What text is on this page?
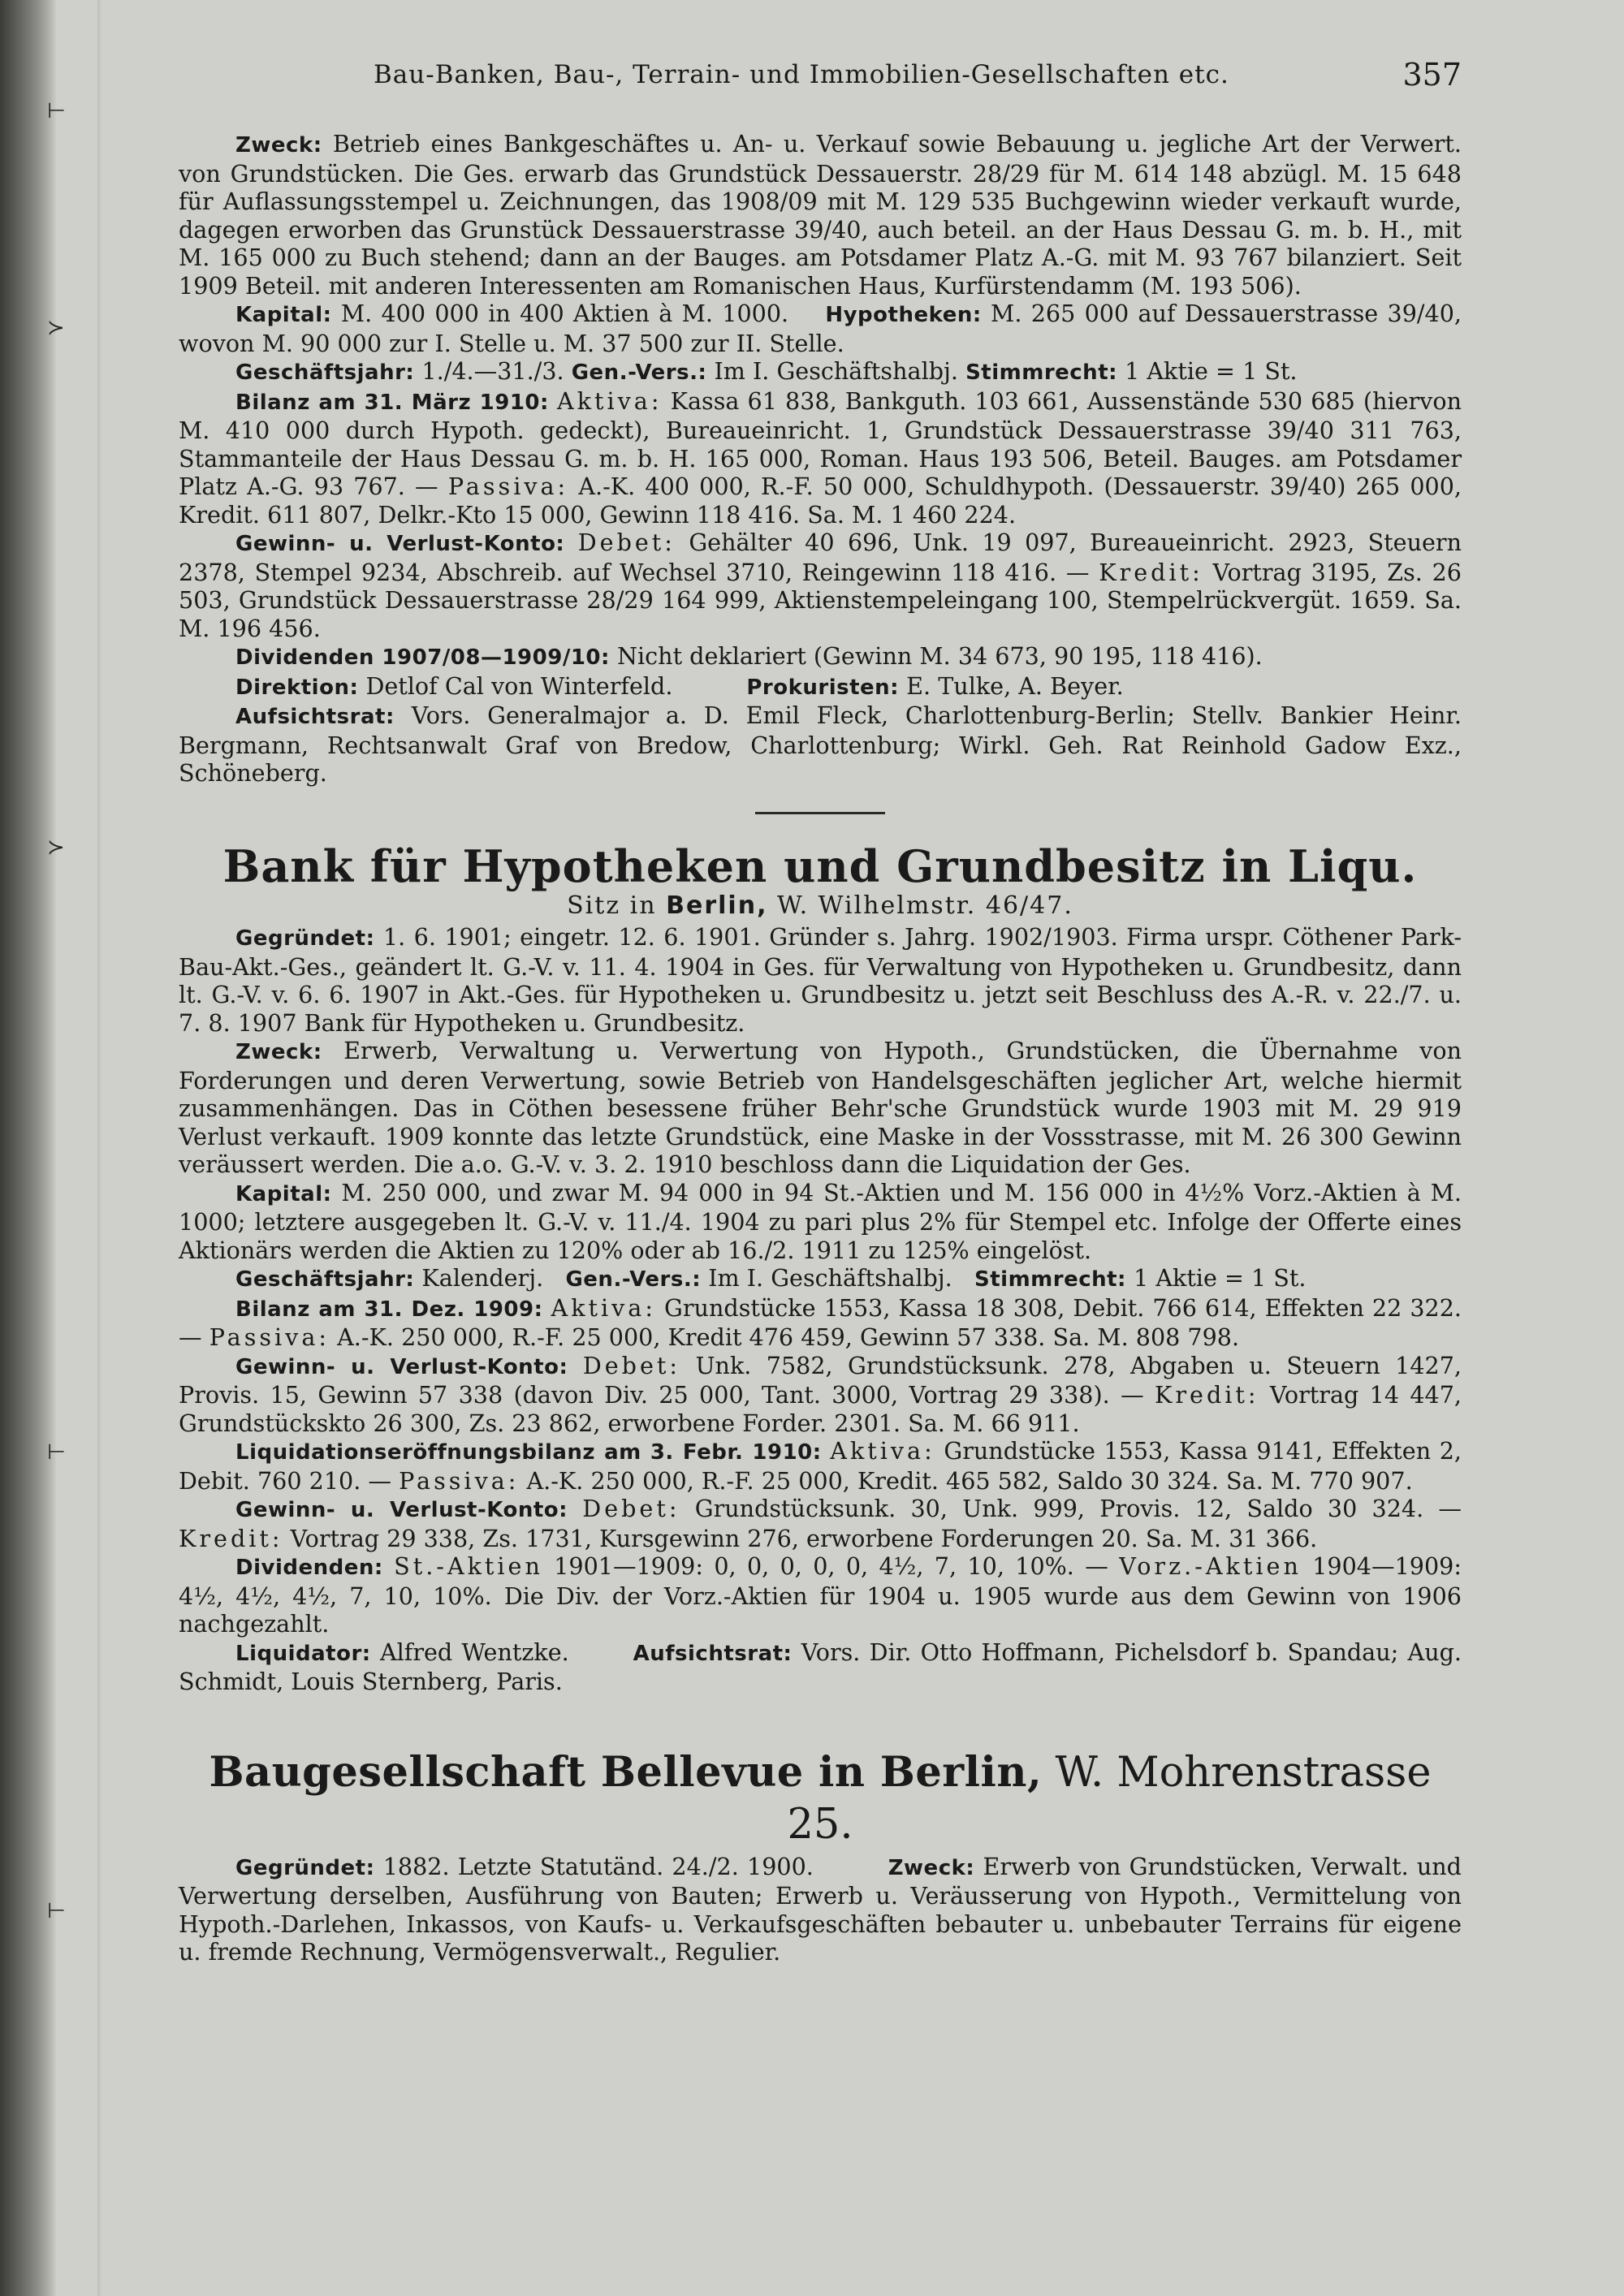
⊢
≻
≻
⊢
⊢
Bau-Banken, Bau-, Terrain- und Immobilien-Gesellschaften etc.	357

Zweck: Betrieb eines Bankgeschäftes u. An- u. Verkauf sowie Bebauung u. jegliche Art der Verwert. von Grundstücken. Die Ges. erwarb das Grundstück Dessauerstr. 28/29 für M. 614 148 abzügl. M. 15 648 für Auflassungsstempel u. Zeichnungen, das 1908/09 mit M. 129 535 Buchgewinn wieder verkauft wurde, dagegen erworben das Grunstück Dessauerstrasse 39/40, auch beteil. an der Haus Dessau G. m. b. H., mit M. 165 000 zu Buch stehend; dann an der Bauges. am Potsdamer Platz A.-G. mit M. 93 767 bilanziert. Seit 1909 Beteil. mit anderen Interessenten am Romanischen Haus, Kurfürstendamm (M. 193 506).

Kapital: M. 400 000 in 400 Aktien à M. 1000. Hypotheken: M. 265 000 auf Dessauerstrasse 39/40, wovon M. 90 000 zur I. Stelle u. M. 37 500 zur II. Stelle.

Geschäftsjahr: 1./4.—31./3. Gen.-Vers.: Im I. Geschäftshalbj. Stimmrecht: 1 Aktie = 1 St.

Bilanz am 31. März 1910: Aktiva: Kassa 61 838, Bankguth. 103 661, Aussenstände 530 685 (hiervon M. 410 000 durch Hypoth. gedeckt), Bureaueinricht. 1, Grundstück Dessauerstrasse 39/40 311 763, Stammanteile der Haus Dessau G. m. b. H. 165 000, Roman. Haus 193 506, Beteil. Bauges. am Potsdamer Platz A.-G. 93 767. — Passiva: A.-K. 400 000, R.-F. 50 000, Schuldhypoth. (Dessauerstr. 39/40) 265 000, Kredit. 611 807, Delkr.-Kto 15 000, Gewinn 118 416. Sa. M. 1 460 224.

Gewinn- u. Verlust-Konto: Debet: Gehälter 40 696, Unk. 19 097, Bureaueinricht. 2923, Steuern 2378, Stempel 9234, Abschreib. auf Wechsel 3710, Reingewinn 118 416. — Kredit: Vortrag 3195, Zs. 26 503, Grundstück Dessauerstrasse 28/29 164 999, Aktienstempeleingang 100, Stempelrückvergüt. 1659. Sa. M. 196 456.

Dividenden 1907/08—1909/10: Nicht deklariert (Gewinn M. 34 673, 90 195, 118 416).

Direktion: Detlof Cal von Winterfeld.	Prokuristen: E. Tulke, A. Beyer.

Aufsichtsrat: Vors. Generalmajor a. D. Emil Fleck, Charlottenburg-Berlin; Stellv. Bankier Heinr. Bergmann, Rechtsanwalt Graf von Bredow, Charlottenburg; Wirkl. Geh. Rat Reinhold Gadow Exz., Schöneberg.

Bank für Hypotheken und Grundbesitz in Liqu.

Sitz in Berlin, W. Wilhelmstr. 46/47.

Gegründet: 1. 6. 1901; eingetr. 12. 6. 1901. Gründer s. Jahrg. 1902/1903. Firma urspr. Cöthener Park-Bau-Akt.-Ges., geändert lt. G.-V. v. 11. 4. 1904 in Ges. für Verwaltung von Hypotheken u. Grundbesitz, dann lt. G.-V. v. 6. 6. 1907 in Akt.-Ges. für Hypotheken u. Grundbesitz u. jetzt seit Beschluss des A.-R. v. 22./7. u. 7. 8. 1907 Bank für Hypotheken u. Grundbesitz.

Zweck: Erwerb, Verwaltung u. Verwertung von Hypoth., Grundstücken, die Übernahme von Forderungen und deren Verwertung, sowie Betrieb von Handelsgeschäften jeglicher Art, welche hiermit zusammenhängen. Das in Cöthen besessene früher Behr'sche Grundstück wurde 1903 mit M. 29 919 Verlust verkauft. 1909 konnte das letzte Grundstück, eine Maske in der Vossstrasse, mit M. 26 300 Gewinn veräussert werden. Die a.o. G.-V. v. 3. 2. 1910 beschloss dann die Liquidation der Ges.

Kapital: M. 250 000, und zwar M. 94 000 in 94 St.-Aktien und M. 156 000 in 4½% Vorz.-Aktien à M. 1000; letztere ausgegeben lt. G.-V. v. 11./4. 1904 zu pari plus 2% für Stempel etc. Infolge der Offerte eines Aktionärs werden die Aktien zu 120% oder ab 16./2. 1911 zu 125% eingelöst.

Geschäftsjahr: Kalenderj. Gen.-Vers.: Im I. Geschäftshalbj. Stimmrecht: 1 Aktie = 1 St.

Bilanz am 31. Dez. 1909: Aktiva: Grundstücke 1553, Kassa 18 308, Debit. 766 614, Effekten 22 322. — Passiva: A.-K. 250 000, R.-F. 25 000, Kredit 476 459, Gewinn 57 338. Sa. M. 808 798.

Gewinn- u. Verlust-Konto: Debet: Unk. 7582, Grundstücksunk. 278, Abgaben u. Steuern 1427, Provis. 15, Gewinn 57 338 (davon Div. 25 000, Tant. 3000, Vortrag 29 338). — Kredit: Vortrag 14 447, Grundstückskto 26 300, Zs. 23 862, erworbene Forder. 2301. Sa. M. 66 911.

Liquidationseröffnungsbilanz am 3. Febr. 1910: Aktiva: Grundstücke 1553, Kassa 9141, Effekten 2, Debit. 760 210. — Passiva: A.-K. 250 000, R.-F. 25 000, Kredit. 465 582, Saldo 30 324. Sa. M. 770 907.

Gewinn- u. Verlust-Konto: Debet: Grundstücksunk. 30, Unk. 999, Provis. 12, Saldo 30 324. — Kredit: Vortrag 29 338, Zs. 1731, Kursgewinn 276, erworbene Forderungen 20. Sa. M. 31 366.

Dividenden: St.-Aktien 1901—1909: 0, 0, 0, 0, 0, 4½, 7, 10, 10%. — Vorz.-Aktien 1904—1909: 4½, 4½, 4½, 7, 10, 10%. Die Div. der Vorz.-Aktien für 1904 u. 1905 wurde aus dem Gewinn von 1906 nachgezahlt.

Liquidator: Alfred Wentzke.	Aufsichtsrat: Vors. Dir. Otto Hoffmann, Pichelsdorf b. Spandau; Aug. Schmidt, Louis Sternberg, Paris.

Baugesellschaft Bellevue in Berlin, W. Mohrenstrasse 25.

Gegründet: 1882. Letzte Statutänd. 24./2. 1900.	Zweck: Erwerb von Grundstücken, Verwalt. und Verwertung derselben, Ausführung von Bauten; Erwerb u. Veräusserung von Hypoth., Vermittelung von Hypoth.-Darlehen, Inkassos, von Kaufs- u. Verkaufsgeschäften bebauter u. unbebauter Terrains für eigene u. fremde Rechnung, Vermögensverwalt., Regulier.
